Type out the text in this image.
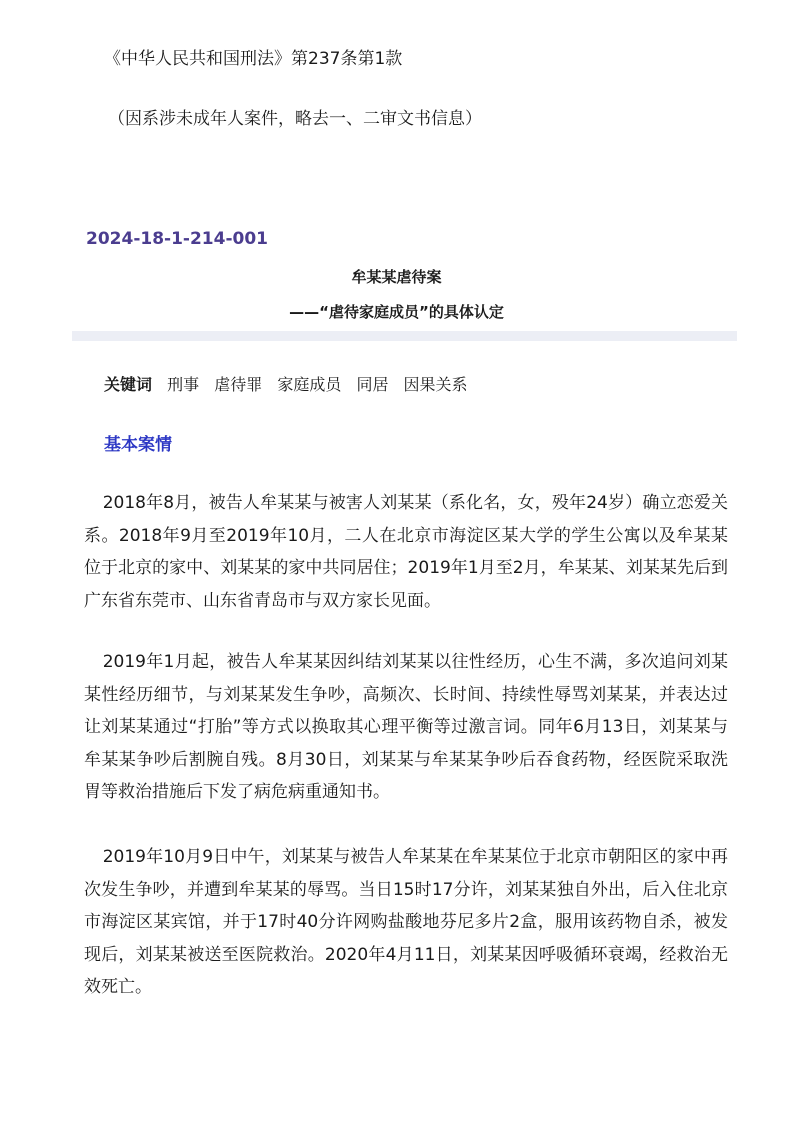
《中华人民共和国刑法》第237条第1款
（因系涉未成年人案件，略去一、二审文书信息）
2024-18-1-214-001
牟某某虐待案
——“虐待家庭成员”的具体认定
关键词 刑事 虐待罪 家庭成员 同居 因果关系
基本案情
2018年8月，被告人牟某某与被害人刘某某（系化名，女，殁年24岁）确立恋爱关系。2018年9月至2019年10月，二人在北京市海淀区某大学的学生公寓以及牟某某位于北京的家中、刘某某的家中共同居住；2019年1月至2月，牟某某、刘某某先后到广东省东莞市、山东省青岛市与双方家长见面。
2019年1月起，被告人牟某某因纠结刘某某以往性经历，心生不满，多次追问刘某某性经历细节，与刘某某发生争吵，高频次、长时间、持续性辱骂刘某某，并表达过让刘某某通过“打胎”等方式以换取其心理平衡等过激言词。同年6月13日，刘某某与牟某某争吵后割腕自残。8月30日，刘某某与牟某某争吵后吞食药物，经医院采取洗胃等救治措施后下发了病危病重通知书。
2019年10月9日中午，刘某某与被告人牟某某在牟某某位于北京市朝阳区的家中再次发生争吵，并遭到牟某某的辱骂。当日15时17分许，刘某某独自外出，后入住北京市海淀区某宾馆，并于17时40分许网购盐酸地芬尼多片2盒，服用该药物自杀，被发现后，刘某某被送至医院救治。2020年4月11日，刘某某因呼吸循环衰竭，经救治无效死亡。
